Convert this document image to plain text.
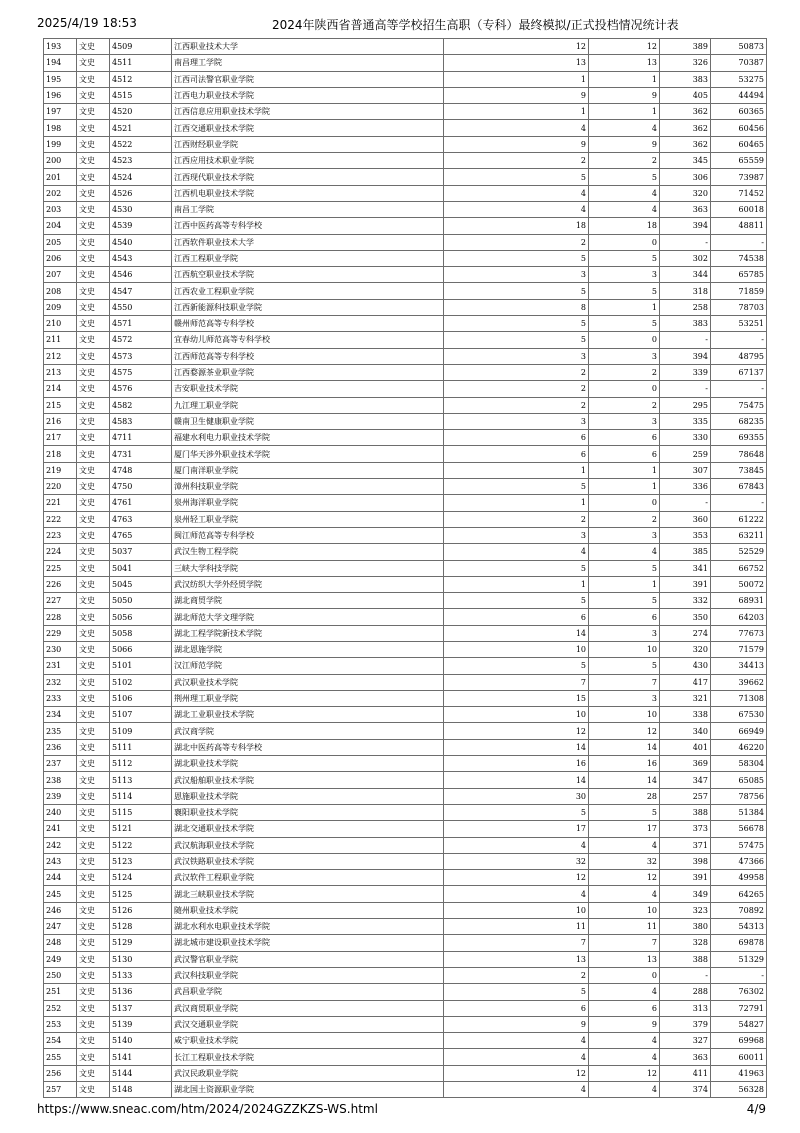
2025/4/19 18:53	2024年陕西省普通高等学校招生高职（专科）最终模拟/正式投档情况统计表
193	文史	4509	江西职业技术大学	12	12	389	50873
194	文史	4511	南昌理工学院	13	13	326	70387
195	文史	4512	江西司法警官职业学院	1	1	383	53275
196	文史	4515	江西电力职业技术学院	9	9	405	44494
197	文史	4520	江西信息应用职业技术学院	1	1	362	60365
198	文史	4521	江西交通职业技术学院	4	4	362	60456
199	文史	4522	江西财经职业学院	9	9	362	60465
200	文史	4523	江西应用技术职业学院	2	2	345	65559
201	文史	4524	江西现代职业技术学院	5	5	306	73987
202	文史	4526	江西机电职业技术学院	4	4	320	71452
203	文史	4530	南昌工学院	4	4	363	60018
204	文史	4539	江西中医药高等专科学校	18	18	394	48811
205	文史	4540	江西软件职业技术大学	2	0	-	-
206	文史	4543	江西工程职业学院	5	5	302	74538
207	文史	4546	江西航空职业技术学院	3	3	344	65785
208	文史	4547	江西农业工程职业学院	5	5	318	71859
209	文史	4550	江西新能源科技职业学院	8	1	258	78703
210	文史	4571	赣州师范高等专科学校	5	5	383	53251
211	文史	4572	宜春幼儿师范高等专科学校	5	0	-	-
212	文史	4573	江西师范高等专科学校	3	3	394	48795
213	文史	4575	江西婺源茶业职业学院	2	2	339	67137
214	文史	4576	吉安职业技术学院	2	0	-	-
215	文史	4582	九江理工职业学院	2	2	295	75475
216	文史	4583	赣南卫生健康职业学院	3	3	335	68235
217	文史	4711	福建水利电力职业技术学院	6	6	330	69355
218	文史	4731	厦门华天涉外职业技术学院	6	6	259	78648
219	文史	4748	厦门南洋职业学院	1	1	307	73845
220	文史	4750	漳州科技职业学院	5	1	336	67843
221	文史	4761	泉州海洋职业学院	1	0	-	-
222	文史	4763	泉州轻工职业学院	2	2	360	61222
223	文史	4765	闽江师范高等专科学校	3	3	353	63211
224	文史	5037	武汉生物工程学院	4	4	385	52529
225	文史	5041	三峡大学科技学院	5	5	341	66752
226	文史	5045	武汉纺织大学外经贸学院	1	1	391	50072
227	文史	5050	湖北商贸学院	5	5	332	68931
228	文史	5056	湖北师范大学文理学院	6	6	350	64203
229	文史	5058	湖北工程学院新技术学院	14	3	274	77673
230	文史	5066	湖北恩施学院	10	10	320	71579
231	文史	5101	汉江师范学院	5	5	430	34413
232	文史	5102	武汉职业技术学院	7	7	417	39662
233	文史	5106	荆州理工职业学院	15	3	321	71308
234	文史	5107	湖北工业职业技术学院	10	10	338	67530
235	文史	5109	武汉商学院	12	12	340	66949
236	文史	5111	湖北中医药高等专科学校	14	14	401	46220
237	文史	5112	湖北职业技术学院	16	16	369	58304
238	文史	5113	武汉船舶职业技术学院	14	14	347	65085
239	文史	5114	恩施职业技术学院	30	28	257	78756
240	文史	5115	襄阳职业技术学院	5	5	388	51384
241	文史	5121	湖北交通职业技术学院	17	17	373	56678
242	文史	5122	武汉航海职业技术学院	4	4	371	57475
243	文史	5123	武汉铁路职业技术学院	32	32	398	47366
244	文史	5124	武汉软件工程职业学院	12	12	391	49958
245	文史	5125	湖北三峡职业技术学院	4	4	349	64265
246	文史	5126	随州职业技术学院	10	10	323	70892
247	文史	5128	湖北水利水电职业技术学院	11	11	380	54313
248	文史	5129	湖北城市建设职业技术学院	7	7	328	69878
249	文史	5130	武汉警官职业学院	13	13	388	51329
250	文史	5133	武汉科技职业学院	2	0	-	-
251	文史	5136	武昌职业学院	5	4	288	76302
252	文史	5137	武汉商贸职业学院	6	6	313	72791
253	文史	5139	武汉交通职业学院	9	9	379	54827
254	文史	5140	咸宁职业技术学院	4	4	327	69968
255	文史	5141	长江工程职业技术学院	4	4	363	60011
256	文史	5144	武汉民政职业学院	12	12	411	41963
257	文史	5148	湖北国土资源职业学院	4	4	374	56328
https://www.sneac.com/htm/2024/2024GZZKZS-WS.html	4/9
